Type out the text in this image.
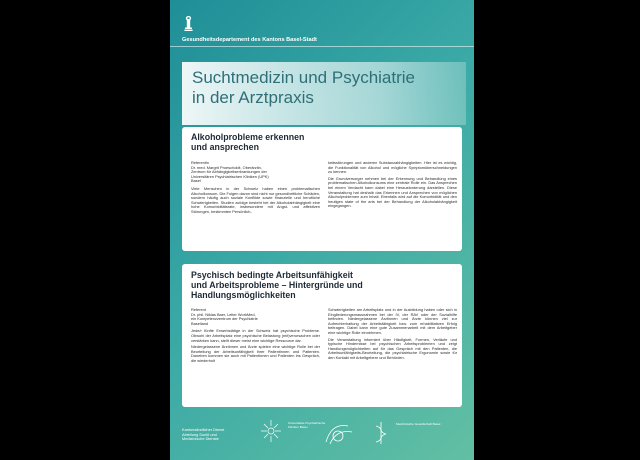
Gesundheitsdepartement des Kantons Basel-Stadt
Suchtmedizin und Psychiatrie
in der Arztpraxis
Alkoholprobleme erkennen
und ansprechen
Referentin
Dr. med. Margrit Proescholdt, Oberärztin,
Zentrum für Abhängigkeitserkrankungen der
Universitären Psychiatrischen Kliniken (UPK)
Basel

Viele Menschen in der Schweiz haben einen problematischen Alkoholkonsum. Die Folgen davon sind nicht nur gesundheitliche Schäden, sondern häufig auch soziale Konflikte sowie finanzielle und berufliche Schwierigkeiten. Studien zufolge besteht bei der Alkoholabhängigkeit eine hohe Komorbiditätsrate, insbesondere mit Angst- und affektiven Störungen, bestimmten Persönlich-

keitsstörungen und anderen Substanzabhängigkeiten. Hier ist es wichtig, die Funktionalität von Alkohol und mögliche Symptomüberschneidungen zu kennen.

Die Grundversorger nehmen bei der Erkennung und Behandlung eines problematischen Alkoholkonsums eine zentrale Rolle ein. Das Ansprechen bei einem Verdacht kann dabei eine Herausforderung darstellen. Diese Veranstaltung hat deshalb das Erkennen und Ansprechen von möglichen Alkoholproblemen zum Inhalt. Ebenfalls wird auf die Komorbidität und den heutigen state of the arts bei der Behandlung der Alkoholabhängigkeit eingegangen.

Psychisch bedingte Arbeitsunfähigkeit
und Arbeitsprobleme – Hintergründe und
Handlungsmöglichkeiten
Referent
Dr. phil. Niklas Baer, Leiter WorkMed,
ein Kompetenzzentrum der Psychiatrie
Baselland

Jede/r fünfte Erwerbstätige in der Schweiz hat psychische Probleme. Obwohl der Arbeitsplatz eine psychische Belastung (mit)verursachen oder verstärken kann, stellt dieser meist eine wichtige Ressource dar.

Niedergelassene Ärztinnen und Ärzte spielen eine wichtige Rolle bei der Beurteilung der Arbeitsunfähigkeit ihrer Patientinnen und Patienten. Daneben kommen sie auch mit Patientinnen und Patienten ins Gespräch, die wiederholt

Schwierigkeiten am Arbeitsplatz und in der Ausbildung haben oder sich in Eingliederungsmassnahmen bei der IV, der RAV oder der Sozialhilfe befinden. Niedergelassene Ärztinnen und Ärzte können viel zur Aufrechterhaltung der Arbeitsfähigkeit bzw. zum rehabilitativen Erfolg beitragen. Dabei kann eine gute Zusammenarbeit mit dem Arbeitgeber eine wichtige Rolle einnehmen.

Die Veranstaltung informiert über Häufigkeit, Formen, Verläufe und typische Hindernisse bei psychischen Arbeitsproblemen und zeigt Handlungsmöglichkeiten auf für das Gespräch mit den Patienten, die Arbeitsunfähigkeits-Beurteilung, die psychiatrische Ergonomie sowie für den Kontakt mit Arbeitgebern und Behörden.

Kantonsärztlicher Dienst
Abteilung Sucht und
Medizinische Dienste
Universitäre Psychiatrische Kliniken Basel
Medizinische Gesellschaft Basel
